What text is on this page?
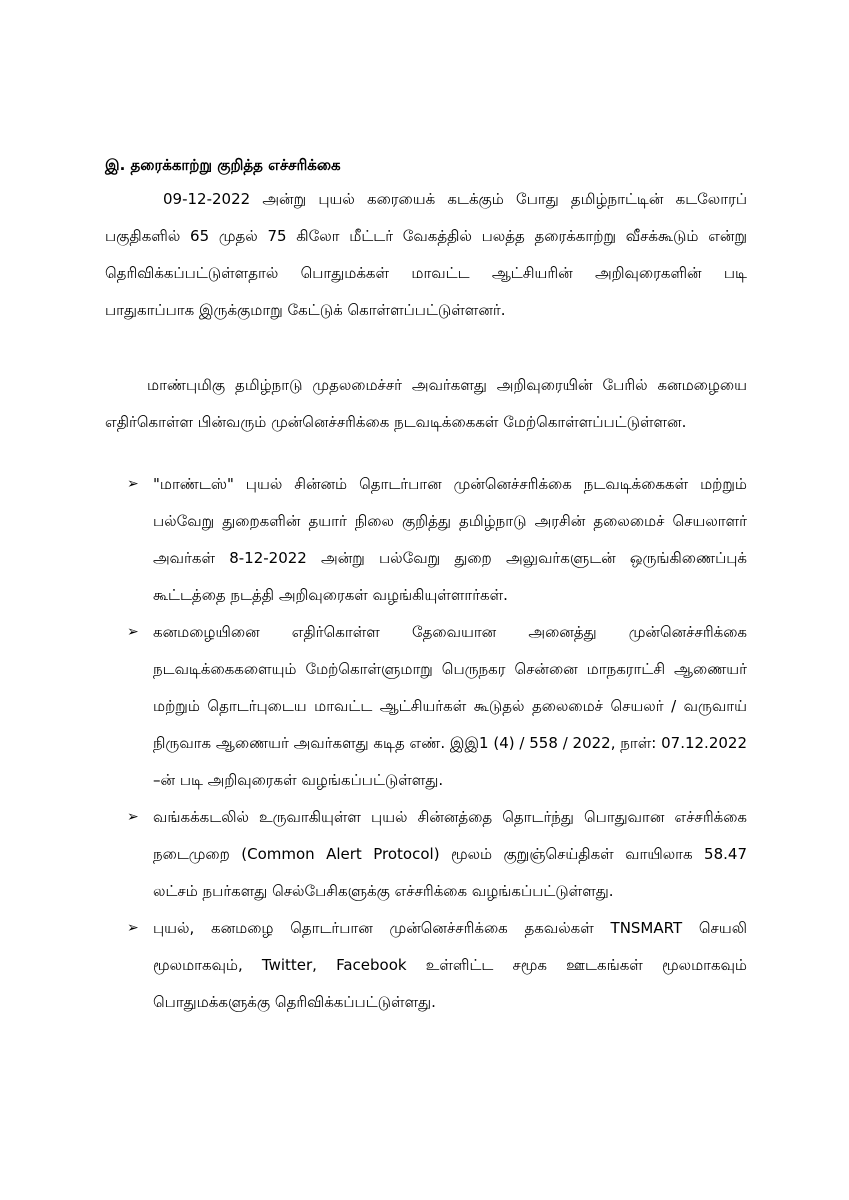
இ. தரைக்காற்று குறித்த எச்சரிக்கை

09-12-2022 அன்று புயல் கரையைக் கடக்கும் போது தமிழ்நாட்டின் கடலோரப் பகுதிகளில் 65 முதல் 75 கிலோ மீட்டர் வேகத்தில் பலத்த தரைக்காற்று வீசக்கூடும் என்று தெரிவிக்கப்பட்டுள்ளதால் பொதுமக்கள் மாவட்ட ஆட்சியரின் அறிவுரைகளின் படி பாதுகாப்பாக இருக்குமாறு கேட்டுக் கொள்ளப்பட்டுள்ளனர்.

மாண்புமிகு தமிழ்நாடு முதலமைச்சர் அவர்களது அறிவுரையின் பேரில் கனமழையை எதிர்கொள்ள பின்வரும் முன்னெச்சரிக்கை நடவடிக்கைகள் மேற்கொள்ளப்பட்டுள்ளன.

➢ "மாண்டஸ்" புயல் சின்னம் தொடர்பான முன்னெச்சரிக்கை நடவடிக்கைகள் மற்றும் பல்வேறு துறைகளின் தயார் நிலை குறித்து தமிழ்நாடு அரசின் தலைமைச் செயலாளர் அவர்கள் 8-12-2022 அன்று பல்வேறு துறை அலுவர்களுடன் ஒருங்கிணைப்புக் கூட்டத்தை நடத்தி அறிவுரைகள் வழங்கியுள்ளார்கள்.
➢ கனமழையினை எதிர்கொள்ள தேவையான அனைத்து முன்னெச்சரிக்கை நடவடிக்கைகளையும் மேற்கொள்ளுமாறு பெருநகர சென்னை மாநகராட்சி ஆணையர் மற்றும் தொடர்புடைய மாவட்ட ஆட்சியர்கள் கூடுதல் தலைமைச் செயலர் / வருவாய் நிருவாக ஆணையர் அவர்களது கடித எண். இஇ1 (4) / 558 / 2022, நாள்: 07.12.2022 –ன் படி அறிவுரைகள் வழங்கப்பட்டுள்ளது.
➢ வங்கக்கடலில் உருவாகியுள்ள புயல் சின்னத்தை தொடர்ந்து பொதுவான எச்சரிக்கை நடைமுறை (Common Alert Protocol) மூலம் குறுஞ்செய்திகள் வாயிலாக 58.47 லட்சம் நபர்களது செல்பேசிகளுக்கு எச்சரிக்கை வழங்கப்பட்டுள்ளது.
➢ புயல், கனமழை தொடர்பான முன்னெச்சரிக்கை தகவல்கள் TNSMART செயலி மூலமாகவும், Twitter, Facebook உள்ளிட்ட சமூக ஊடகங்கள் மூலமாகவும் பொதுமக்களுக்கு தெரிவிக்கப்பட்டுள்ளது.
